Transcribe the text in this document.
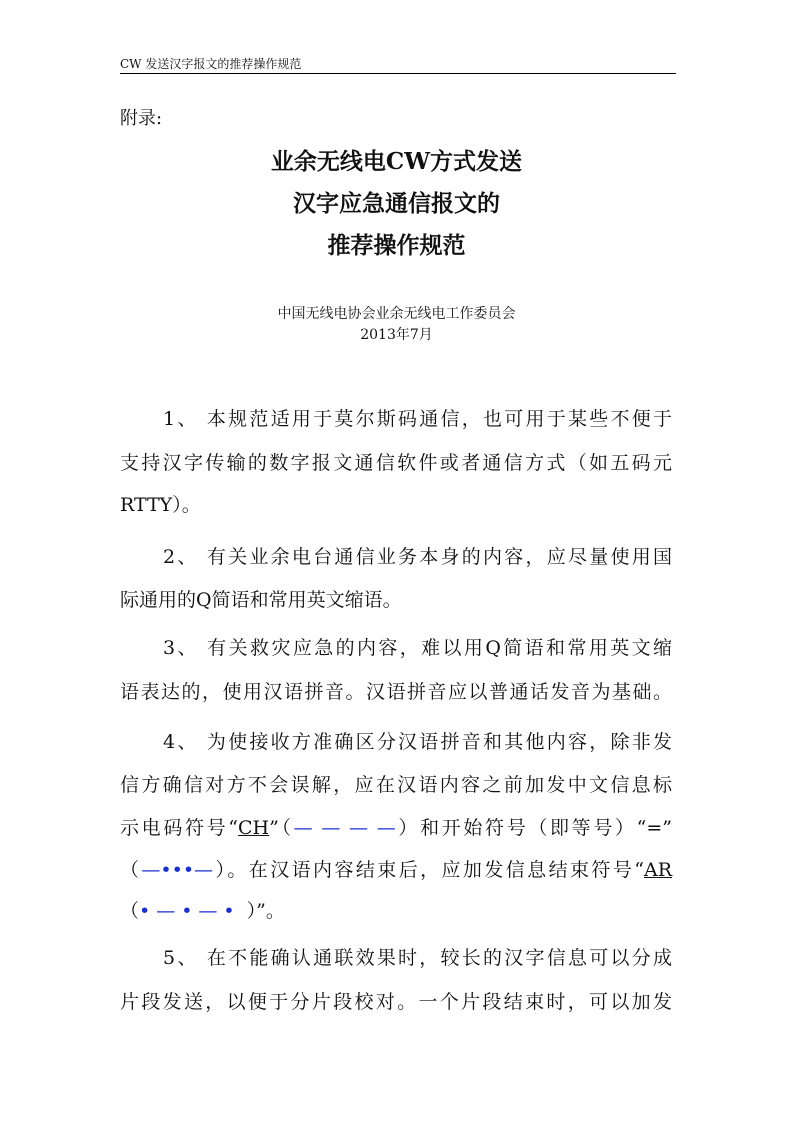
CW 发送汉字报文的推荐操作规范
附录:
业余无线电CW方式发送
汉字应急通信报文的
推荐操作规范
中国无线电协会业余无线电工作委员会
2013年7月
1、 本规范适用于莫尔斯码通信，也可用于某些不便于
支持汉字传输的数字报文通信软件或者通信方式（如五码元
RTTY）。
2、 有关业余电台通信业务本身的内容，应尽量使用国
际通用的Q简语和常用英文缩语。
3、 有关救灾应急的内容，难以用Q简语和常用英文缩
语表达的，使用汉语拼音。汉语拼音应以普通话发音为基础。
4、 为使接收方准确区分汉语拼音和其他内容，除非发
信方确信对方不会误解，应在汉语内容之前加发中文信息标
示电码符号“CH”（— — — —）和开始符号（即等号）“=”
（—•••—）。在汉语内容结束后，应加发信息结束符号“AR
（•—•—• ）”。
5、 在不能确认通联效果时，较长的汉字信息可以分成
片段发送，以便于分片段校对。一个片段结束时，可以加发
